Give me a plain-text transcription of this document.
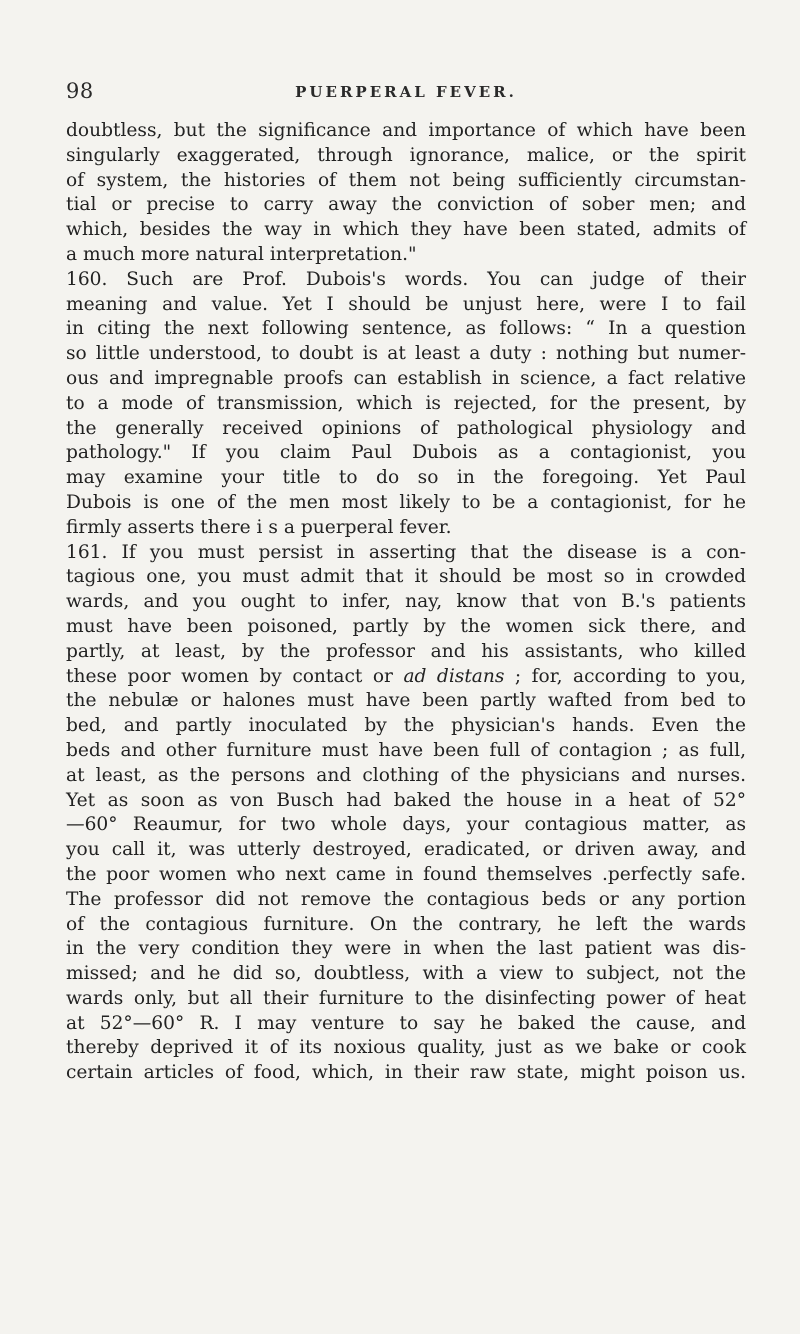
98	PUERPERAL FEVER.
doubtless, but the significance and importance of which have been
singularly exaggerated, through ignorance, malice, or the spirit
of system, the histories of them not being sufficiently circumstan-
tial or precise to carry away the conviction of sober men; and
which, besides the way in which they have been stated, admits of
a much more natural interpretation."
160. Such are Prof. Dubois's words. You can judge of their
meaning and value. Yet I should be unjust here, were I to fail
in citing the next following sentence, as follows: “ In a question
so little understood, to doubt is at least a duty : nothing but numer-
ous and impregnable proofs can establish in science, a fact relative
to a mode of transmission, which is rejected, for the present, by
the generally received opinions of pathological physiology and
pathology." If you claim Paul Dubois as a contagionist, you
may examine your title to do so in the foregoing. Yet Paul
Dubois is one of the men most likely to be a contagionist, for he
firmly asserts there i s a puerperal fever.
161. If you must persist in asserting that the disease is a con-
tagious one, you must admit that it should be most so in crowded
wards, and you ought to infer, nay, know that von B.'s patients
must have been poisoned, partly by the women sick there, and
partly, at least, by the professor and his assistants, who killed
these poor women by contact or ad distans ; for, according to you,
the nebulæ or halones must have been partly wafted from bed to
bed, and partly inoculated by the physician's hands. Even the
beds and other furniture must have been full of contagion ; as full,
at least, as the persons and clothing of the physicians and nurses.
Yet as soon as von Busch had baked the house in a heat of 52°
—60° Reaumur, for two whole days, your contagious matter, as
you call it, was utterly destroyed, eradicated, or driven away, and
the poor women who next came in found themselves .perfectly safe.
The professor did not remove the contagious beds or any portion
of the contagious furniture. On the contrary, he left the wards
in the very condition they were in when the last patient was dis-
missed; and he did so, doubtless, with a view to subject, not the
wards only, but all their furniture to the disinfecting power of heat
at 52°—60° R. I may venture to say he baked the cause, and
thereby deprived it of its noxious quality, just as we bake or cook
certain articles of food, which, in their raw state, might poison us.
